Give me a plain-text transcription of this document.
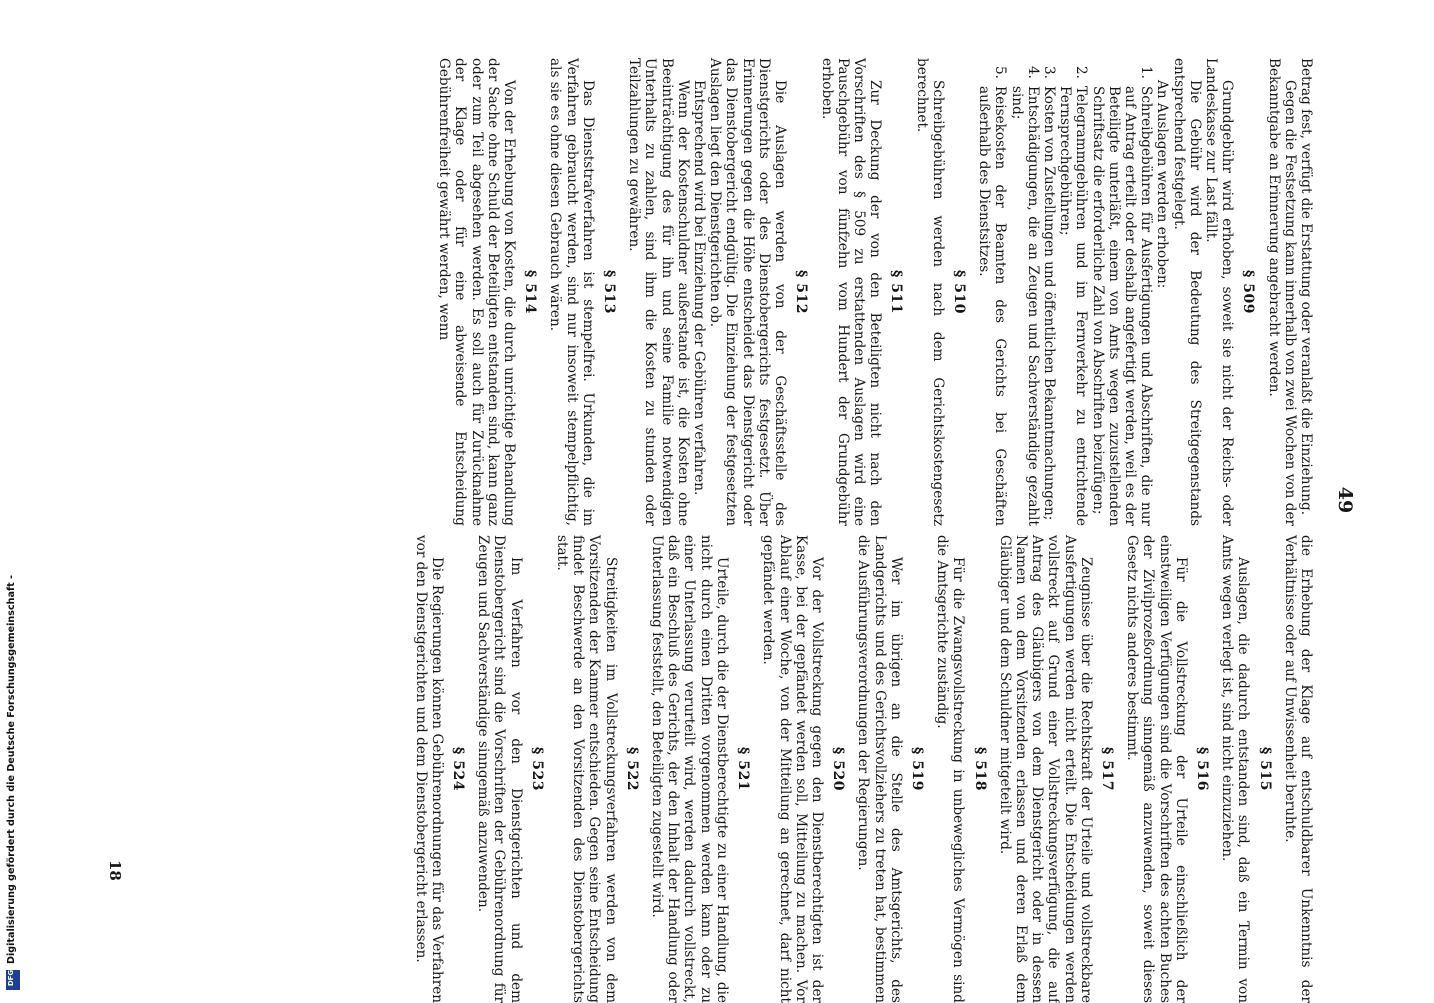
Digitalisierung gefördert durch die Deutsche Forschungsgemeinschaft -
DFG
49

Betrag fest, verfügt die Erstattung oder veranlaßt die Einziehung.

Gegen die Festsetzung kann innerhalb von zwei Wochen von der Bekanntgabe an Erinnerung angebracht werden.

§ 509

Grundgebühr wird erhoben, soweit sie nicht der Reichs- oder Landeskasse zur Last fällt.

Die Gebühr wird der Bedeutung des Streitgegenstands entsprechend festgelegt.

An Auslagen werden erhoben:

1.
Schreibgebühren für Ausfertigungen und Abschriften, die nur auf Antrag erteilt oder deshalb angefertigt werden, weil es der Beteiligte unterläßt, einem von Amts wegen zuzustellenden Schriftsatz die erforderliche Zahl von Abschriften beizufügen;
2.
Telegrammgebühren und im Fernverkehr zu entrichtende Fernsprechgebühren;
3.
Kosten von Zustellungen und öffentlichen Bekanntmachungen;
4.
Entschädigungen, die an Zeugen und Sachverständige gezahlt sind;
5.
Reisekosten der Beamten des Gerichts bei Geschäften außerhalb des Dienstsitzes.
§ 510

Schreibgebühren werden nach dem Gerichtskostengesetz berechnet.

§ 511

Zur Deckung der von den Beteiligten nicht nach den Vorschriften des § 509 zu erstattenden Auslagen wird eine Pauschgebühr von fünfzehn vom Hundert der Grundgebühr erhoben.

§ 512

Die Auslagen werden von der Geschäftsstelle des Dienstgerichts oder des Dienstobergerichts festgesetzt. Über Erinnerungen gegen die Höhe entscheidet das Dienstgericht oder das Dienstobergericht endgültig. Die Einziehung der festgesetzten Auslagen liegt den Dienstgerichten ob.

Entsprechend wird bei Einziehung der Gebühren verfahren.

Wenn der Kostenschuldner außerstande ist, die Kosten ohne Beeinträchtigung des für ihn und seine Familie notwendigen Unterhalts zu zahlen, sind ihm die Kosten zu stunden oder Teilzahlungen zu gewähren.

§ 513

Das Dienststrafverfahren ist stempelfrei. Urkunden, die im Verfahren gebraucht werden, sind nur insoweit stempelpflichtig, als sie es ohne diesen Gebrauch wären.

§ 514

Von der Erhebung von Kosten, die durch unrichtige Behandlung der Sache ohne Schuld der Beteiligten entstanden sind, kann ganz oder zum Teil abgesehen werden. Es soll auch für Zurücknahme der Klage oder für eine abweisende Entscheidung Gebührenfreiheit gewährt werden, wenn

die Erhebung der Klage auf entschuldbarer Unkenntnis der Verhältnisse oder auf Unwissenheit beruhte.

§ 515

Auslagen, die dadurch entstanden sind, daß ein Termin von Amts wegen verlegt ist, sind nicht einzuziehen.

§ 516

Für die Vollstreckung der Urteile einschließlich der einstweiligen Verfügungen sind die Vorschriften des achten Buches der Zivilprozeßordnung sinngemäß anzuwenden, soweit dieses Gesetz nichts anderes bestimmt.

§ 517

Zeugnisse über die Rechtskraft der Urteile und vollstreckbare Ausfertigungen werden nicht erteilt. Die Entscheidungen werden vollstreckt auf Grund einer Vollstreckungsverfügung, die auf Antrag des Gläubigers von dem Dienstgericht oder in dessen Namen von dem Vorsitzenden erlassen und deren Erlaß dem Gläubiger und dem Schuldner mitgeteilt wird.

§ 518

Für die Zwangsvollstreckung in unbewegliches Vermögen sind die Amtsgerichte zuständig.

§ 519

Wer im übrigen an die Stelle des Amtsgerichts, des Landgerichts und des Gerichtsvollziehers zu treten hat, bestimmen die Ausführungsverordnungen der Regierungen.

§ 520

Vor der Vollstreckung gegen den Dienstberechtigten ist der Kasse, bei der gepfändet werden soll, Mitteilung zu machen. Vor Ablauf einer Woche, von der Mitteilung an gerechnet, darf nicht gepfändet werden.

§ 521

Urteile, durch die der Dienstberechtigte zu einer Handlung, die nicht durch einen Dritten vorgenommen werden kann oder zu einer Unterlassung verurteilt wird, werden dadurch vollstreckt, daß ein Beschluß des Gerichts, der den Inhalt der Handlung oder Unterlassung feststellt, den Beteiligten zugestellt wird.

§ 522

Streitigkeiten im Vollstreckungsverfahren werden von dem Vorsitzenden der Kammer entschieden. Gegen seine Entscheidung findet Beschwerde an den Vorsitzenden des Dienstobergerichts statt.

§ 523

Im Verfahren vor den Dienstgerichten und dem Dienstobergericht sind die Vorschriften der Gebührenordnung für Zeugen und Sachverständige sinngemäß anzuwenden.

§ 524

Die Regierungen können Gebührenordnungen für das Verfahren vor den Dienstgerichten und dem Dienstobergericht erlassen.

18
